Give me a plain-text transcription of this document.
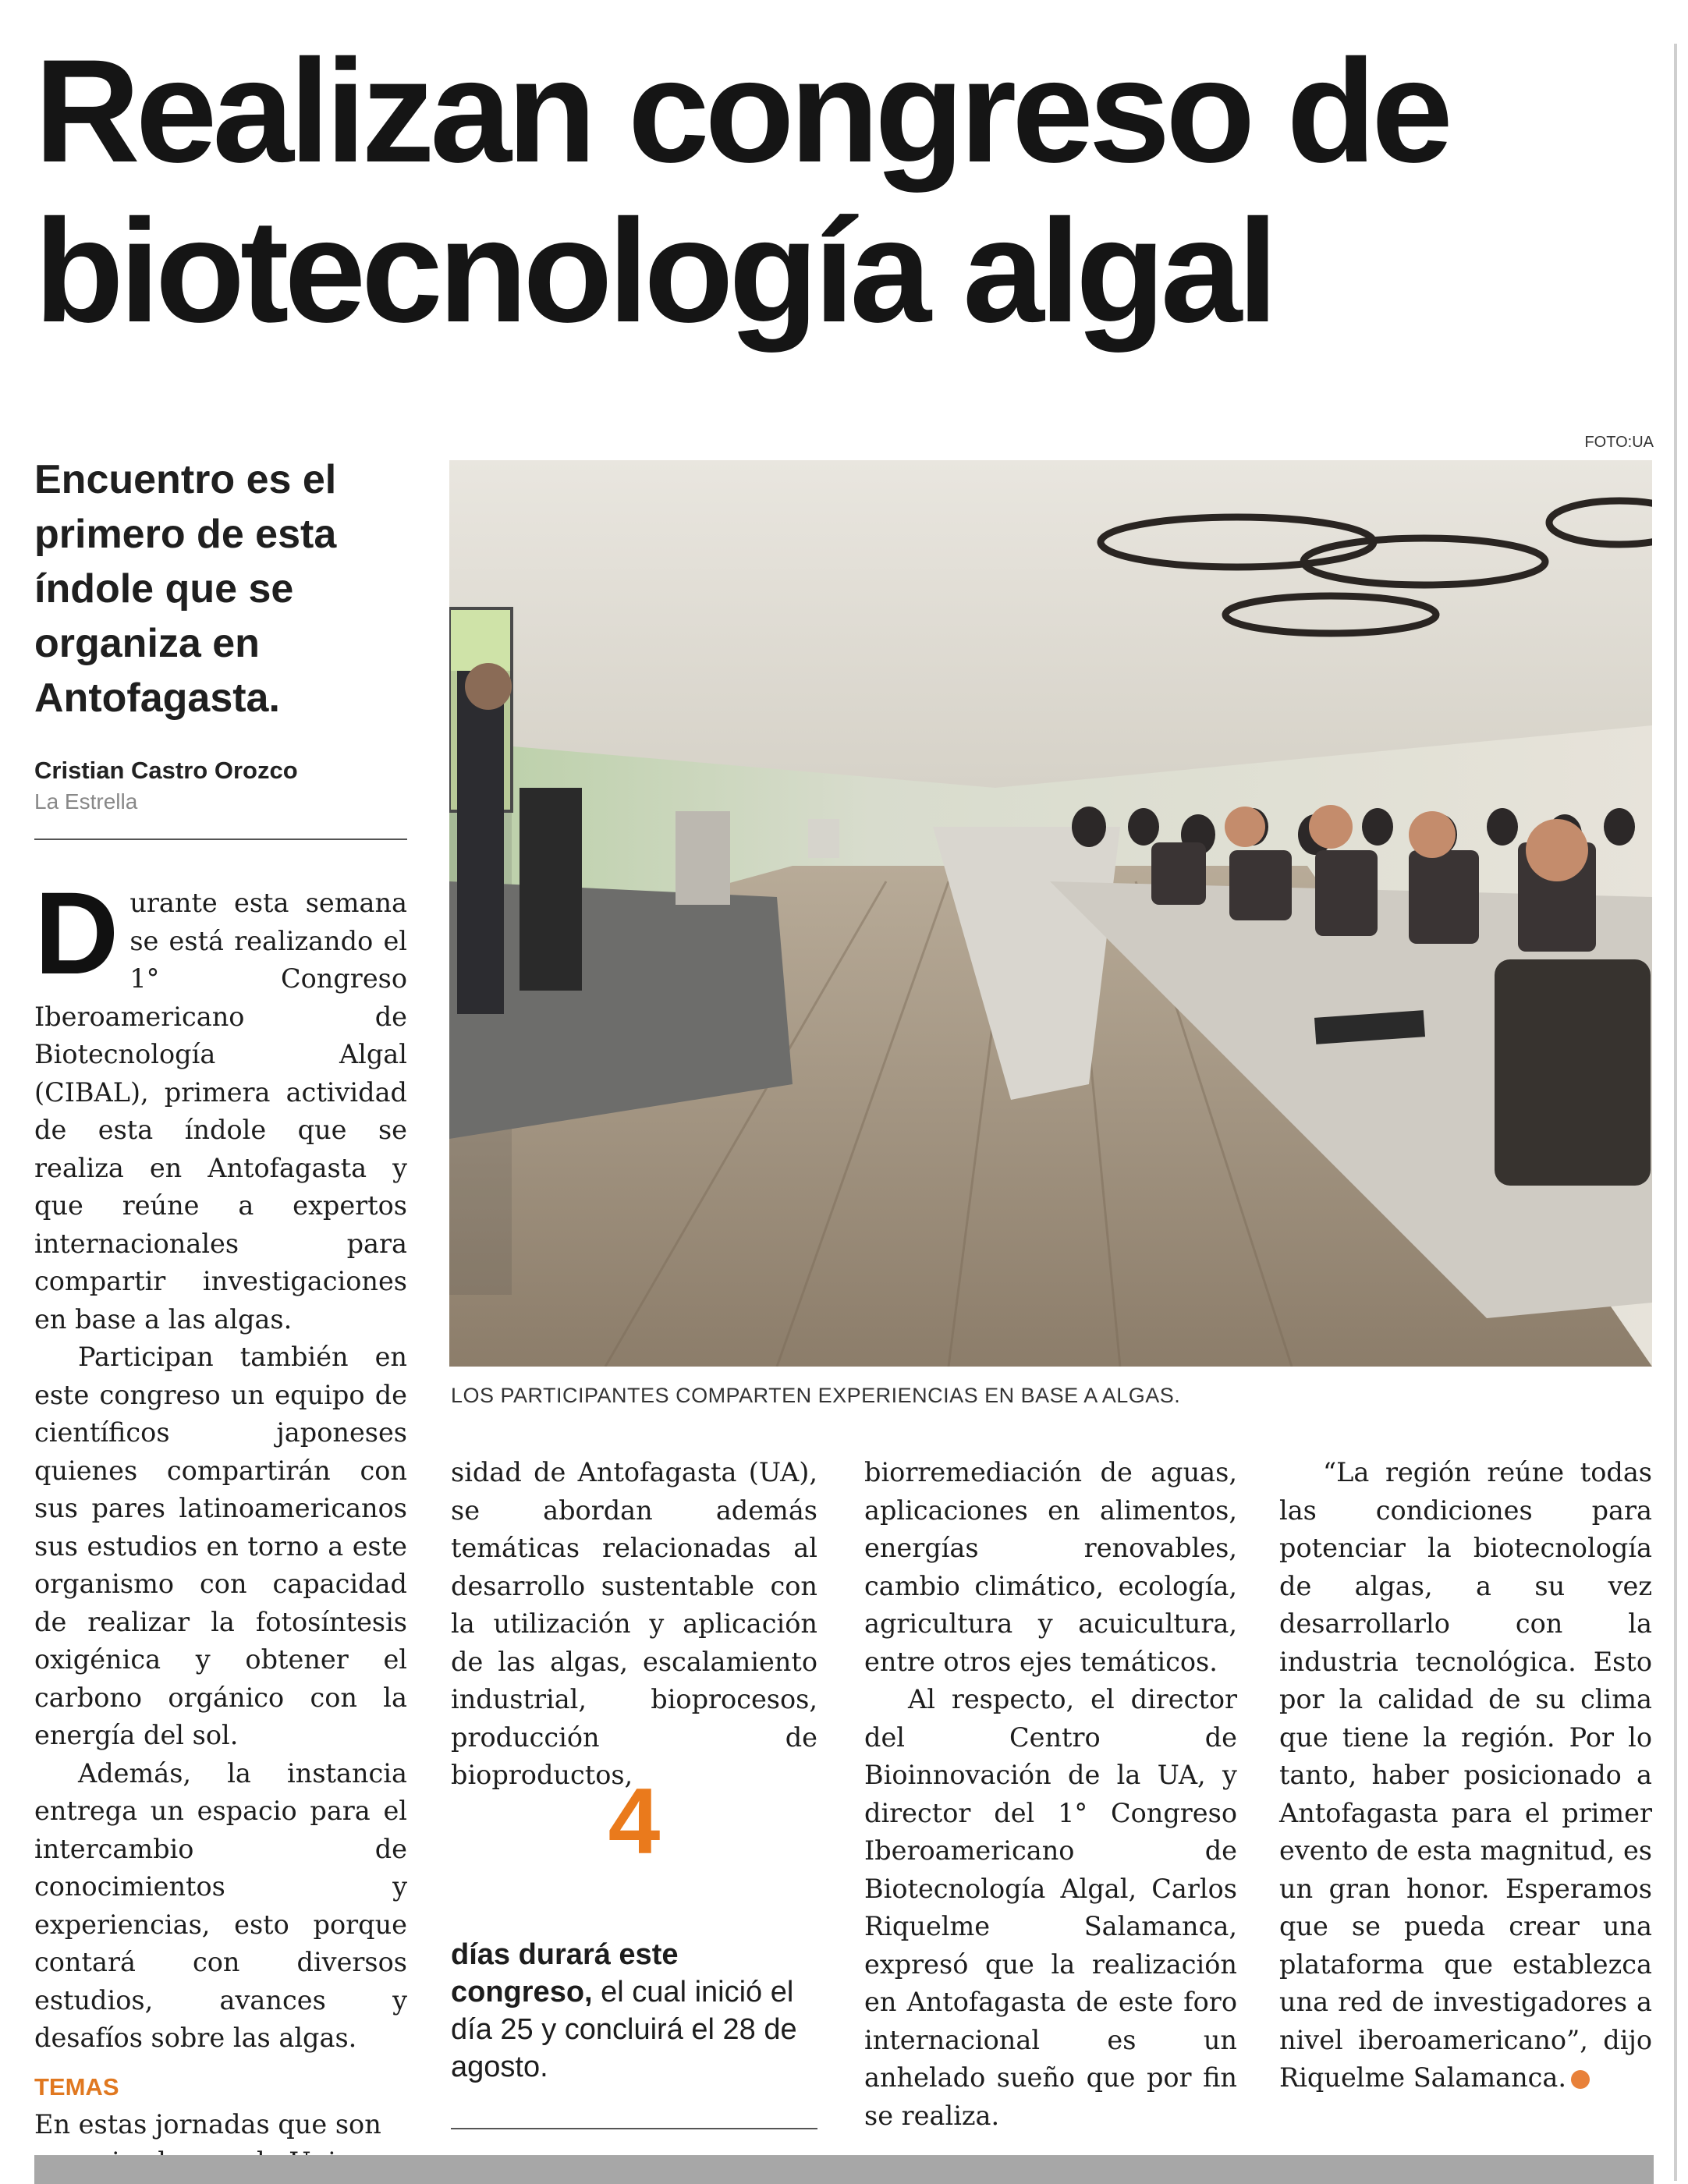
Realizan congreso de
biotecnología algal
FOTO:UA
Encuentro es el primero de esta índole que se organiza en Antofagasta.
Cristian Castro Orozco
La Estrella
LOS PARTICIPANTES COMPARTEN EXPERIENCIAS EN BASE A ALGAS.

Durante esta semana se está realizando el 1° Congreso Iberoamericano de Biotecnología Algal (CIBAL), primera actividad de esta índole que se realiza en Antofagasta y que reúne a expertos internacionales para compartir investigaciones en base a las algas.

Participan también en este congreso un equipo de científicos japoneses quienes compartirán con sus pares latinoamericanos sus estudios en torno a este organismo con capacidad de realizar la fotosíntesis oxigénica y obtener el carbono orgánico con la energía del sol.

Además, la instancia entrega un espacio para el intercambio de conocimientos y experiencias, esto porque contará con diversos estudios, avances y desafíos sobre las algas.

TEMAS

En estas jornadas que son

sidad de Antofagasta (UA), se abordan además temáticas relacionadas al desarrollo sustentable con la utilización y aplicación de las algas, escalamiento industrial, bioprocesos, producción de bioproductos,

4
días durará este congreso, el cual inició el día 25 y concluirá el 28 de agosto.

biorremediación de aguas, aplicaciones en alimentos, energías renovables, cambio climático, ecología, agricultura y acuicultura, entre otros ejes temáticos.

Al respecto, el director del Centro de Bioinnovación de la UA, y director del 1° Congreso Iberoamericano de Biotecnología Algal, Carlos Riquelme Salamanca, expresó que la realización en Antofagasta de este foro internacional es un anhelado sueño que por fin se realiza.

“La región reúne todas las condiciones para potenciar la biotecnología de algas, a su vez desarrollarlo con la industria tecnológica. Esto por la calidad de su clima que tiene la región. Por lo tanto, haber posicionado a Antofagasta para el primer evento de esta magnitud, es un gran honor. Esperamos que se pueda crear una plataforma que establezca una red de investigadores a nivel iberoamericano”, dijo Riquelme Salamanca.	✪
